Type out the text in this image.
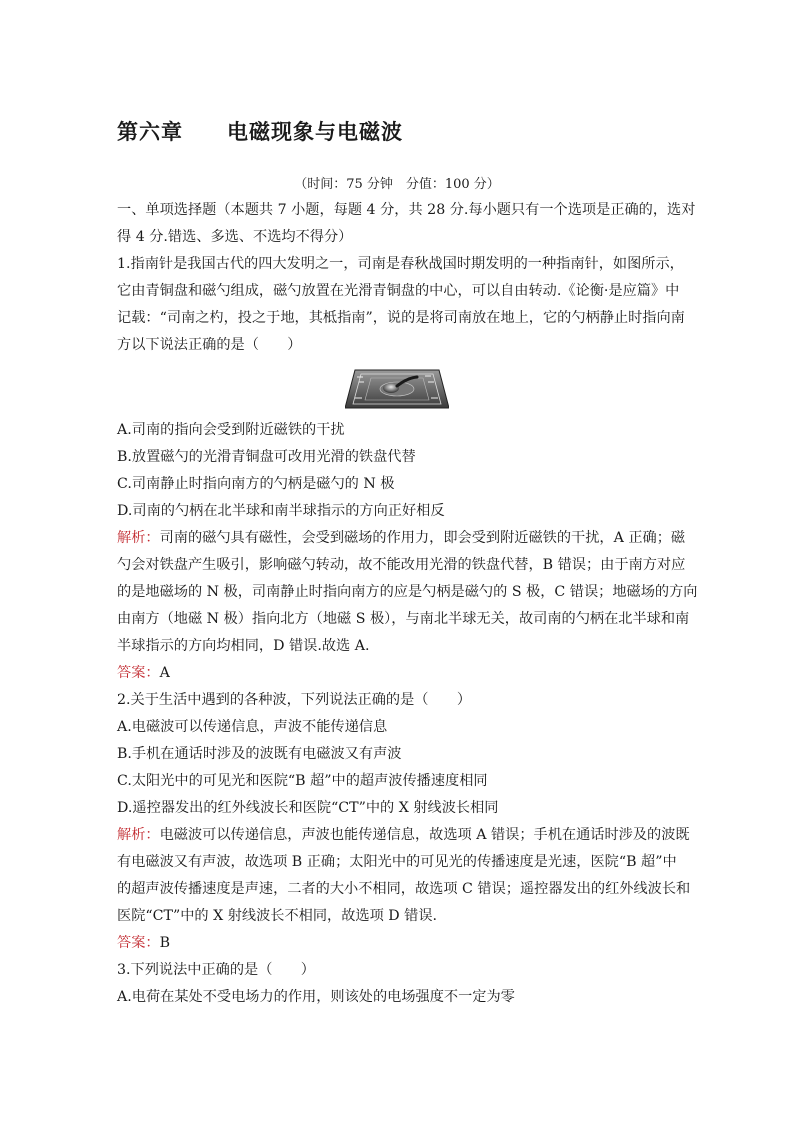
第六章　　电磁现象与电磁波
（时间：75 分钟　分值：100 分）
一、单项选择题（本题共 7 小题，每题 4 分，共 28 分.每小题只有一个选项是正确的，选对
得 4 分.错选、多选、不选均不得分）
1.指南针是我国古代的四大发明之一，司南是春秋战国时期发明的一种指南针，如图所示，
它由青铜盘和磁勺组成，磁勺放置在光滑青铜盘的中心，可以自由转动.《论衡·是应篇》中
记载：“司南之杓，投之于地，其柢指南”，说的是将司南放在地上，它的勺柄静止时指向南
方以下说法正确的是（　　）
A.司南的指向会受到附近磁铁的干扰
B.放置磁勺的光滑青铜盘可改用光滑的铁盘代替
C.司南静止时指向南方的勺柄是磁勺的 N 极
D.司南的勺柄在北半球和南半球指示的方向正好相反
解析：司南的磁勺具有磁性，会受到磁场的作用力，即会受到附近磁铁的干扰，A 正确；磁
勺会对铁盘产生吸引，影响磁勺转动，故不能改用光滑的铁盘代替，B 错误；由于南方对应
的是地磁场的 N 极，司南静止时指向南方的应是勺柄是磁勺的 S 极，C 错误；地磁场的方向
由南方（地磁 N 极）指向北方（地磁 S 极），与南北半球无关，故司南的勺柄在北半球和南
半球指示的方向均相同，D 错误.故选 A.
答案：A
2.关于生活中遇到的各种波，下列说法正确的是（　　）
A.电磁波可以传递信息，声波不能传递信息
B.手机在通话时涉及的波既有电磁波又有声波
C.太阳光中的可见光和医院“B 超”中的超声波传播速度相同
D.遥控器发出的红外线波长和医院“CT”中的 X 射线波长相同
解析：电磁波可以传递信息，声波也能传递信息，故选项 A 错误；手机在通话时涉及的波既
有电磁波又有声波，故选项 B 正确；太阳光中的可见光的传播速度是光速，医院“B 超”中
的超声波传播速度是声速，二者的大小不相同，故选项 C 错误；遥控器发出的红外线波长和
医院“CT”中的 X 射线波长不相同，故选项 D 错误.
答案：B
3.下列说法中正确的是（　　）
A.电荷在某处不受电场力的作用，则该处的电场强度不一定为零
